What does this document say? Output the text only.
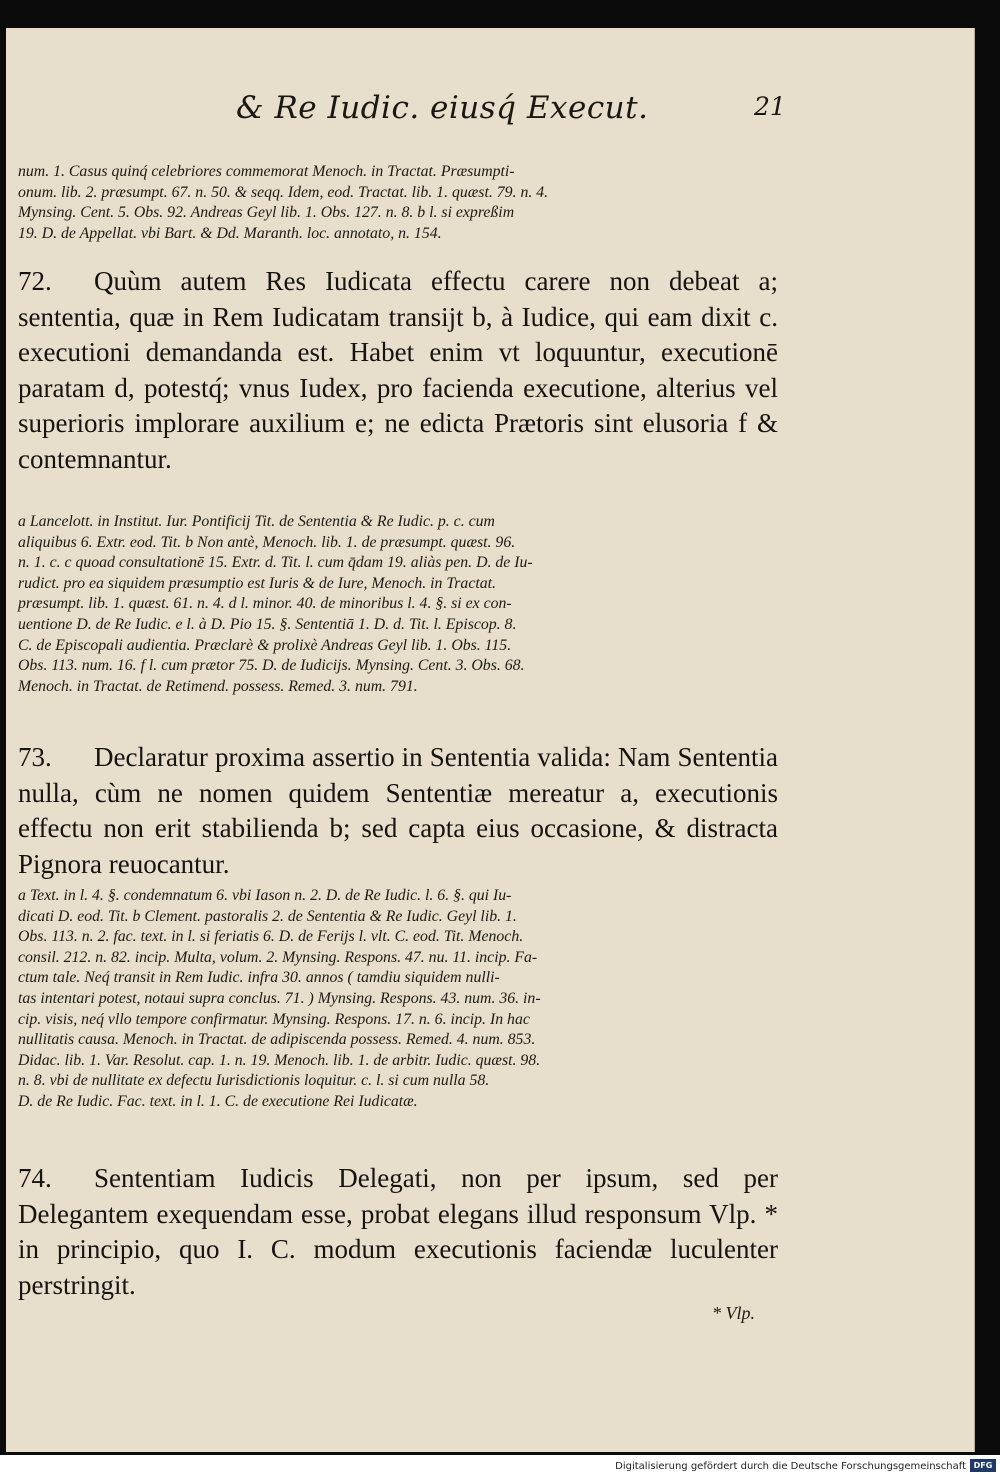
& Re Iudic. eiusq́ Execut.	21

num. 1. Casus quinq́ celebriores commemorat Menoch. in Tractat. Præsumpti-

onum. lib. 2. præsumpt. 67. n. 50. & seqq. Idem, eod. Tractat. lib. 1. quæst. 79. n. 4.

Mynsing. Cent. 5. Obs. 92. Andreas Geyl lib. 1. Obs. 127. n. 8. b l. si expreßim

19. D. de Appellat. vbi Bart. & Dd. Maranth. loc. annotato, n. 154.

72. Quùm autem Res Iudicata effectu carere non debeat a; sententia, quæ in Rem Iudicatam transijt b, à Iudice, qui eam dixit c. executioni demandanda est. Habet enim vt loquuntur, executionē paratam d, potestq́; vnus Iudex, pro facienda executione, alterius vel superioris implorare auxilium e; ne edicta Prætoris sint elusoria f & contemnantur.

a Lancelott. in Institut. Iur. Pontificij Tit. de Sententia & Re Iudic. p. c. cum

aliquibus 6. Extr. eod. Tit. b Non antè, Menoch. lib. 1. de præsumpt. quæst. 96.

n. 1. c. c quoad consultationē 15. Extr. d. Tit. l. cum q̄dam 19. aliàs pen. D. de Iu-

rudict. pro ea siquidem præsumptio est Iuris & de Iure, Menoch. in Tractat.

præsumpt. lib. 1. quæst. 61. n. 4. d l. minor. 40. de minoribus l. 4. §. si ex con-

uentione D. de Re Iudic. e l. à D. Pio 15. §. Sententiā 1. D. d. Tit. l. Episcop. 8.

C. de Episcopali audientia. Præclarè & prolixè Andreas Geyl lib. 1. Obs. 115.

Obs. 113. num. 16. f l. cum prætor 75. D. de Iudicijs. Mynsing. Cent. 3. Obs. 68.

Menoch. in Tractat. de Retimend. possess. Remed. 3. num. 791.

73. Declaratur proxima assertio in Sententia valida: Nam Sententia nulla, cùm ne nomen quidem Sententiæ mereatur a, executionis effectu non erit stabilienda b; sed capta eius occasione, & distracta Pignora reuocantur.

a Text. in l. 4. §. condemnatum 6. vbi Iason n. 2. D. de Re Iudic. l. 6. §. qui Iu-

dicati D. eod. Tit. b Clement. pastoralis 2. de Sententia & Re Iudic. Geyl lib. 1.

Obs. 113. n. 2. fac. text. in l. si feriatis 6. D. de Ferijs l. vlt. C. eod. Tit. Menoch.

consil. 212. n. 82. incip. Multa, volum. 2. Mynsing. Respons. 47. nu. 11. incip. Fa-

ctum tale. Neq́ transit in Rem Iudic. infra 30. annos ( tamdiu siquidem nulli-

tas intentari potest, notaui supra conclus. 71. ) Mynsing. Respons. 43. num. 36. in-

cip. visis, neq́ vllo tempore confirmatur. Mynsing. Respons. 17. n. 6. incip. In hac

nullitatis causa. Menoch. in Tractat. de adipiscenda possess. Remed. 4. num. 853.

Didac. lib. 1. Var. Resolut. cap. 1. n. 19. Menoch. lib. 1. de arbitr. Iudic. quæst. 98.

n. 8. vbi de nullitate ex defectu Iurisdictionis loquitur. c. l. si cum nulla 58.

D. de Re Iudic. Fac. text. in l. 1. C. de executione Rei Iudicatæ.

74. Sententiam Iudicis Delegati, non per ipsum, sed per Delegantem exequendam esse, probat elegans illud responsum Vlp. * in principio, quo I. C. modum executionis faciendæ luculenter perstringit.

* Vlp.
Digitalisierung gefördert durch die Deutsche Forschungsgemeinschaft DFG
